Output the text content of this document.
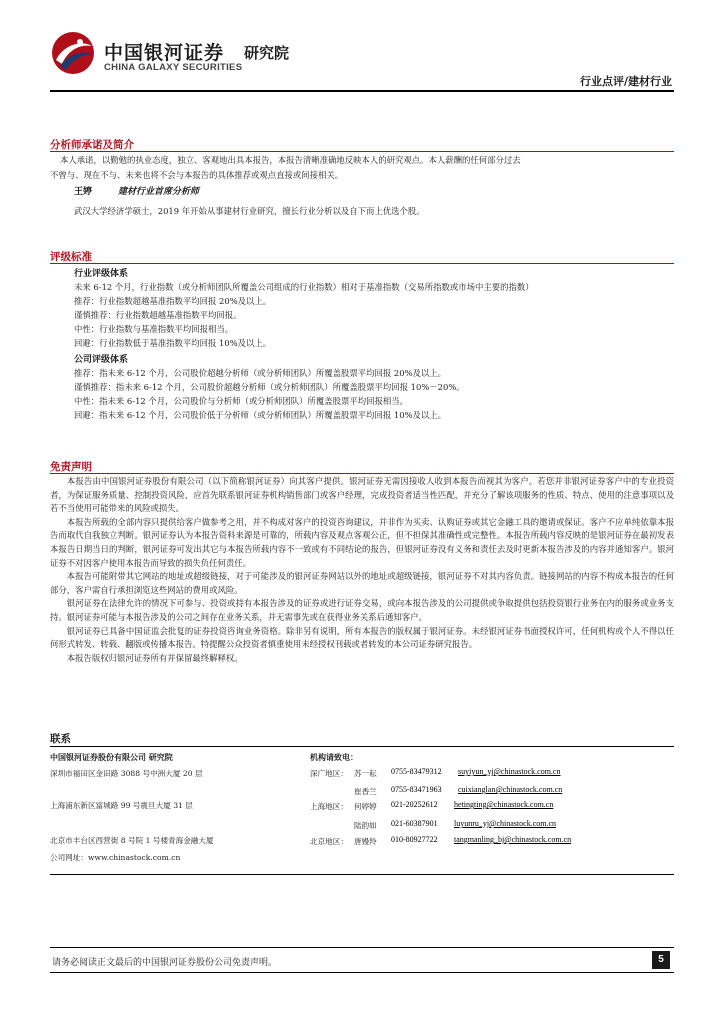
中国银河证券
CHINA GALAXY SECURITIES
研究院
行业点评/建材行业
分析师承诺及简介
本人承诺，以勤勉的执业态度，独立、客观地出具本报告，本报告清晰准确地反映本人的研究观点。本人薪酬的任何部分过去
不曾与、现在不与、未来也将不会与本报告的具体推荐或观点直接或间接相关。
王婷	建材行业首席分析师
武汉大学经济学硕士，2019 年开始从事建材行业研究，擅长行业分析以及自下而上优选个股。
评级标准
行业评级体系
未来 6-12 个月，行业指数（或分析师团队所覆盖公司组成的行业指数）相对于基准指数（交易所指数或市场中主要的指数）
推荐：行业指数超越基准指数平均回报 20%及以上。
谨慎推荐：行业指数超越基准指数平均回报。
中性：行业指数与基准指数平均回报相当。
回避：行业指数低于基准指数平均回报 10%及以上。
公司评级体系
推荐：指未来 6-12 个月，公司股价超越分析师（或分析师团队）所覆盖股票平均回报 20%及以上。
谨慎推荐：指未来 6-12 个月，公司股价超越分析师（或分析师团队）所覆盖股票平均回报 10%－20%。
中性：指未来 6-12 个月，公司股价与分析师（或分析师团队）所覆盖股票平均回报相当。
回避：指未来 6-12 个月，公司股价低于分析师（或分析师团队）所覆盖股票平均回报 10%及以上。
免责声明

本报告由中国银河证券股份有限公司（以下简称银河证券）向其客户提供。银河证券无需因接收人收到本报告而视其为客户。若您并非银河证券客户中的专业投资者，为保证服务质量、控制投资风险，应首先联系银河证券机构销售部门或客户经理，完成投资者适当性匹配，并充分了解该项服务的性质、特点、使用的注意事项以及若不当使用可能带来的风险或损失。

本报告所载的全部内容只提供给客户做参考之用，并不构成对客户的投资咨询建议，并非作为买卖、认购证券或其它金融工具的邀请或保证。客户不应单纯依靠本报告而取代自我独立判断。银河证券认为本报告资料来源是可靠的，所载内容及观点客观公正，但不担保其准确性或完整性。本报告所载内容反映的是银河证券在最初发表本报告日期当日的判断，银河证券可发出其它与本报告所载内容不一致或有不同结论的报告，但银河证券没有义务和责任去及时更新本报告涉及的内容并通知客户。银河证券不对因客户使用本报告而导致的损失负任何责任。

本报告可能附带其它网站的地址或超级链接，对于可能涉及的银河证券网站以外的地址或超级链接，银河证券不对其内容负责。链接网站的内容不构成本报告的任何部分，客户需自行承担浏览这些网站的费用或风险。

银河证券在法律允许的情况下可参与、投资或持有本报告涉及的证券或进行证券交易，或向本报告涉及的公司提供或争取提供包括投资银行业务在内的服务或业务支持。银河证券可能与本报告涉及的公司之间存在业务关系，并无需事先或在获得业务关系后通知客户。

银河证券已具备中国证监会批复的证券投资咨询业务资格。除非另有说明，所有本报告的版权属于银河证券。未经银河证券书面授权许可，任何机构或个人不得以任何形式转发、转载、翻版或传播本报告。特提醒公众投资者慎重使用未经授权刊载或者转发的本公司证券研究报告。

本报告版权归银河证券所有并保留最终解释权。

联系
中国银河证券股份有限公司 研究院
深圳市福田区金田路 3088 号中洲大厦 20 层
上海浦东新区富城路 99 号震旦大厦 31 层
北京市丰台区西营街 8 号院 1 号楼青海金融大厦
公司网址：www.chinastock.com.cn
机构请致电：
深广地区： 苏一耘 0755-83479312 suyiyun_yj@chinastock.com.cn
崔香兰 0755-83471963 cuixianglan@chinastock.com.cn
上海地区： 何婷婷 021-20252612 hetingting@chinastock.com.cn
陆韵如 021-60387901 luyunru_yj@chinastock.com.cn
北京地区： 唐嫚羚 010-80927722 tangmanling_bj@chinastock.com.cn
请务必阅读正文最后的中国银河证券股份公司免责声明。	5
